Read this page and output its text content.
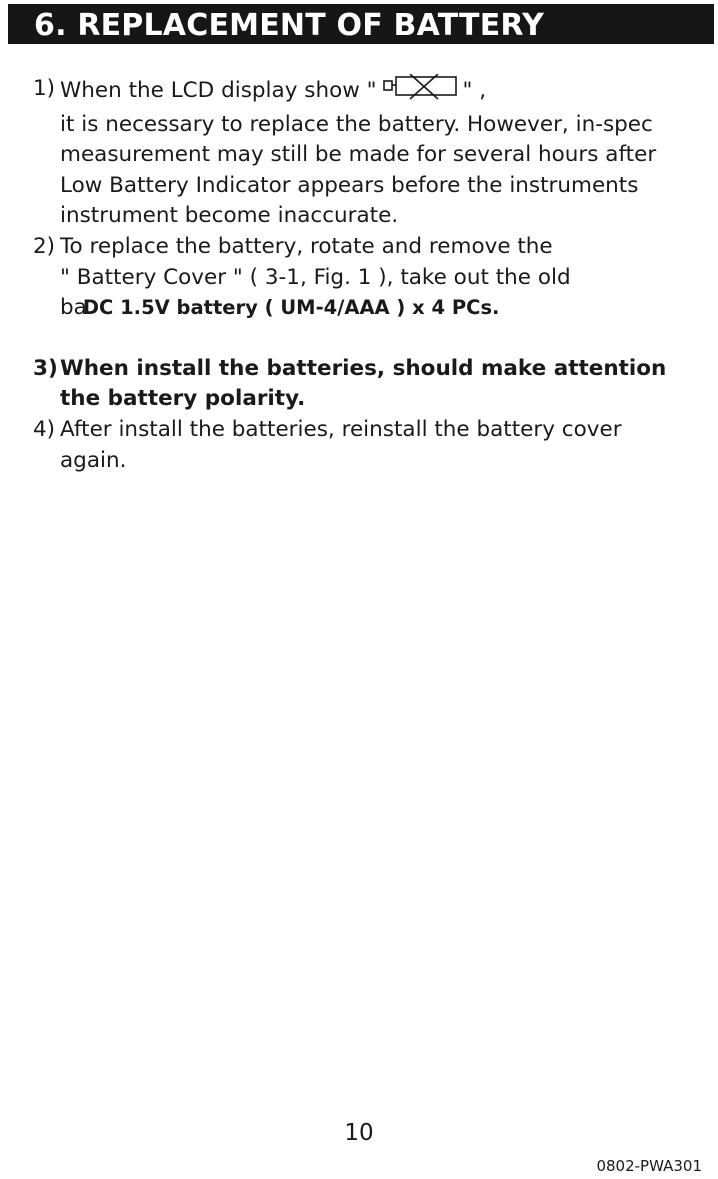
6. REPLACEMENT OF BATTERY
1) When the LCD display show "	" ,
it is necessary to replace the battery. However, in-spec
measurement may still be made for several hours after
Low Battery Indicator appears before the instruments
instrument become inaccurate.
2) To replace the battery, rotate and remove the
" Battery Cover " ( 3-1, Fig. 1 ), take out the old
baDC 1.5V battery ( UM-4/AAA ) x 4 PCs.
3) When install the batteries, should make attention
the battery polarity.
4) After install the batteries, reinstall the battery cover
again.
10
0802-PWA301
